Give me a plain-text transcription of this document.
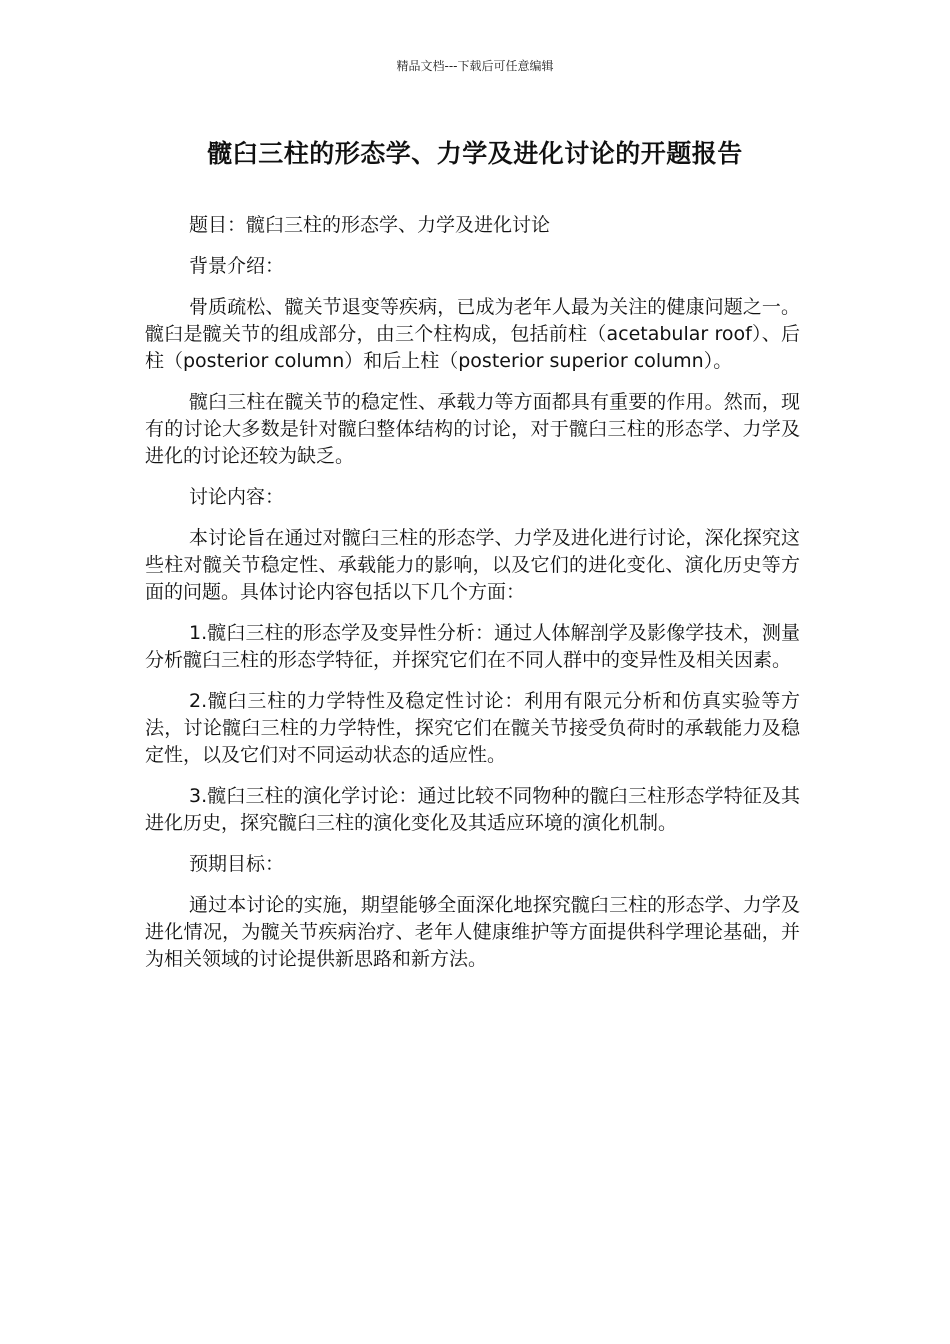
精品文档---下载后可任意编辑
髋臼三柱的形态学、力学及进化讨论的开题报告

题目：髋臼三柱的形态学、力学及进化讨论

背景介绍：

骨质疏松、髋关节退变等疾病，已成为老年人最为关注的健康问题之一。髋臼是髋关节的组成部分，由三个柱构成，包括前柱（acetabular roof）、后柱（posterior column）和后上柱（posterior superior column）。

髋臼三柱在髋关节的稳定性、承载力等方面都具有重要的作用。然而，现有的讨论大多数是针对髋臼整体结构的讨论，对于髋臼三柱的形态学、力学及进化的讨论还较为缺乏。

讨论内容：

本讨论旨在通过对髋臼三柱的形态学、力学及进化进行讨论，深化探究这些柱对髋关节稳定性、承载能力的影响，以及它们的进化变化、演化历史等方面的问题。具体讨论内容包括以下几个方面：

1.髋臼三柱的形态学及变异性分析：通过人体解剖学及影像学技术，测量分析髋臼三柱的形态学特征，并探究它们在不同人群中的变异性及相关因素。

2.髋臼三柱的力学特性及稳定性讨论：利用有限元分析和仿真实验等方法，讨论髋臼三柱的力学特性，探究它们在髋关节接受负荷时的承载能力及稳定性，以及它们对不同运动状态的适应性。

3.髋臼三柱的演化学讨论：通过比较不同物种的髋臼三柱形态学特征及其进化历史，探究髋臼三柱的演化变化及其适应环境的演化机制。

预期目标：

通过本讨论的实施，期望能够全面深化地探究髋臼三柱的形态学、力学及进化情况，为髋关节疾病治疗、老年人健康维护等方面提供科学理论基础，并为相关领域的讨论提供新思路和新方法。
